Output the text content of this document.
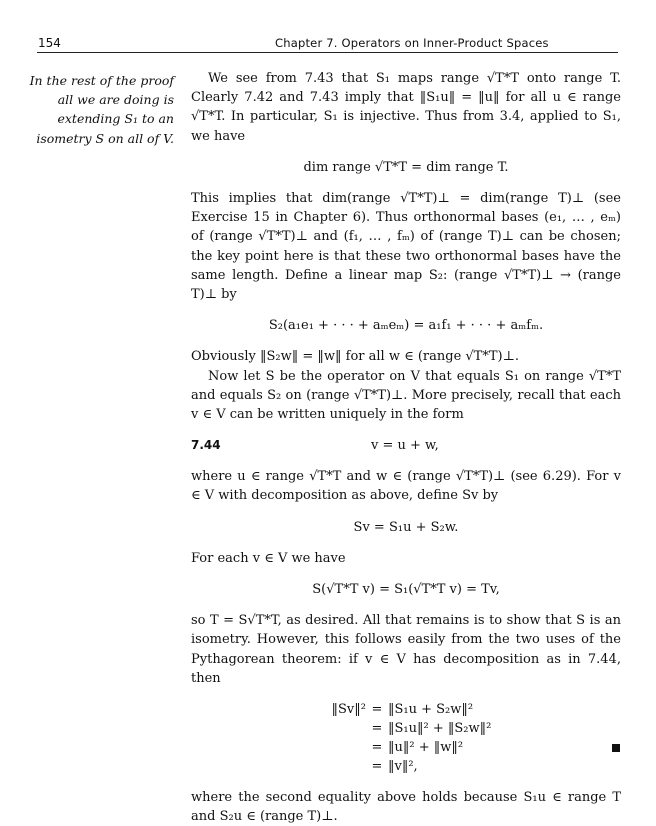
154	Chapter 7. Operators on Inner-Product Spaces
In the rest of the proof
all we are doing is
extending S₁ to an
isometry S on all of V.

We see from 7.43 that S₁ maps range √T*T onto range T. Clearly 7.42 and 7.43 imply that ‖S₁u‖ = ‖u‖ for all u ∈ range √T*T. In particular, S₁ is injective. Thus from 3.4, applied to S₁, we have

dim range √T*T = dim range T.

This implies that dim(range √T*T)⊥ = dim(range T)⊥ (see Exercise 15 in Chapter 6). Thus orthonormal bases (e₁, … , eₘ) of (range √T*T)⊥ and (f₁, … , fₘ) of (range T)⊥ can be chosen; the key point here is that these two orthonormal bases have the same length. Define a linear map S₂: (range √T*T)⊥ → (range T)⊥ by

S₂(a₁e₁ + · · · + aₘeₘ) = a₁f₁ + · · · + aₘfₘ.

Obviously ‖S₂w‖ = ‖w‖ for all w ∈ (range √T*T)⊥.

Now let S be the operator on V that equals S₁ on range √T*T and equals S₂ on (range √T*T)⊥. More precisely, recall that each v ∈ V can be written uniquely in the form

7.44	v = u + w,

where u ∈ range √T*T and w ∈ (range √T*T)⊥ (see 6.29). For v ∈ V with decomposition as above, define Sv by

Sv = S₁u + S₂w.

For each v ∈ V we have

S(√T*T v) = S₁(√T*T v) = Tv,

so T = S√T*T, as desired. All that remains is to show that S is an isometry. However, this follows easily from the two uses of the Pythagorean theorem: if v ∈ V has decomposition as in 7.44, then

‖Sv‖² = ‖S₁u + S₂w‖²
= ‖S₁u‖² + ‖S₂w‖²
= ‖u‖² + ‖w‖²
= ‖v‖²,

where the second equality above holds because S₁u ∈ range T and S₂u ∈ (range T)⊥.
